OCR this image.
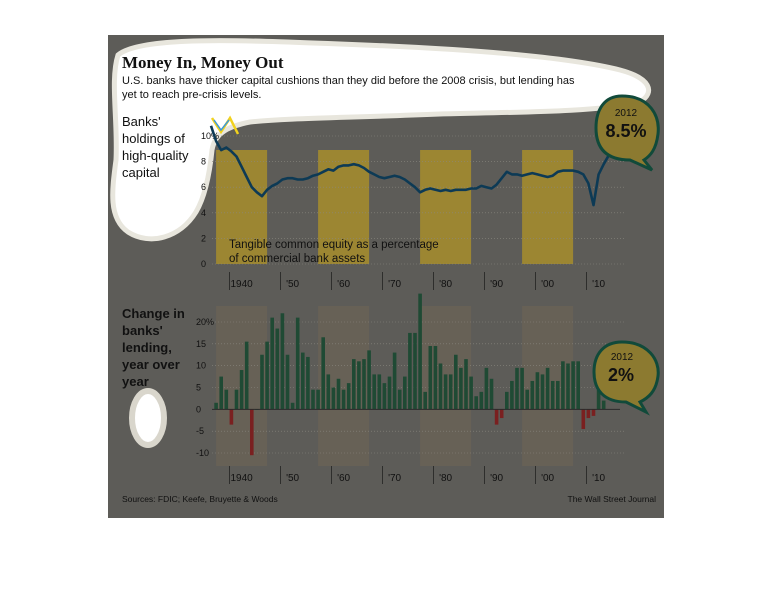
Money In, Money Out
U.S. banks have thicker capital cushions than they did before the 2008 crisis, but lending has
yet to reach pre-crisis levels.
Banks'
holdings of
high-quality
capital
Tangible common equity as a percentage
of commercial bank assets
Change in
banks'
lending,
year over
year
0
2
4
6
8
10%
1940	'50	'60	'70	'80	'90	'00	'10
-10
-5
0
5
10
15
20%
1940	'50	'60	'70	'80	'90	'00	'10
2012
8.5%
2012
2%
Sources: FDIC; Keefe, Bruyette & Woods	The Wall Street Journal
